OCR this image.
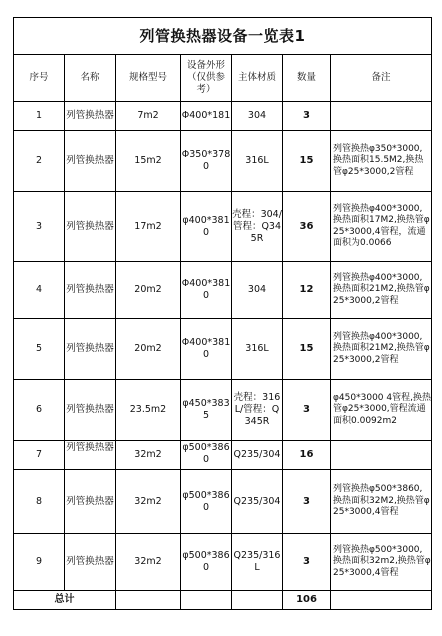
列管换热器设备一览表1						
序号	名称	规格型号	设备外形（仅供参考）	主体材质	数量	备注
1	列管换热器	7m2	Φ400*181	304	3	
2	列管换热器	15m2	Φ350*3780	316L	15	列管换热φ350*3000,换热面积15.5M2,换热管φ25*3000,2管程
3	列管换热器	17m2	φ400*3810	壳程：304/管程：Q345R	36	列管换热φ400*3000,换热面积17M2,换热管φ25*3000,4管程，流通面积为0.0066
4	列管换热器	20m2	Φ400*3810	304	12	列管换热φ400*3000,换热面积21M2,换热管φ25*3000,2管程
5	列管换热器	20m2	Φ400*3810	316L	15	列管换热φ400*3000,换热面积21M2,换热管φ25*3000,2管程
6	列管换热器	23.5m2	φ450*3835	壳程：316L/管程：Q345R	3	φ450*3000 4管程,换热管φ25*3000,管程流通面积0.0092m2
7	列管换热器	32m2	φ500*3860	Q235/304	16	
8	列管换热器	32m2	φ500*3860	Q235/304	3	列管换热φ500*3860,换热面积32M2,换热管φ25*3000,4管程
9	列管换热器	32m2	φ500*3860	Q235/316L	3	列管换热φ500*3000,换热面积32m2,换热管φ25*3000,4管程
总计					106	
